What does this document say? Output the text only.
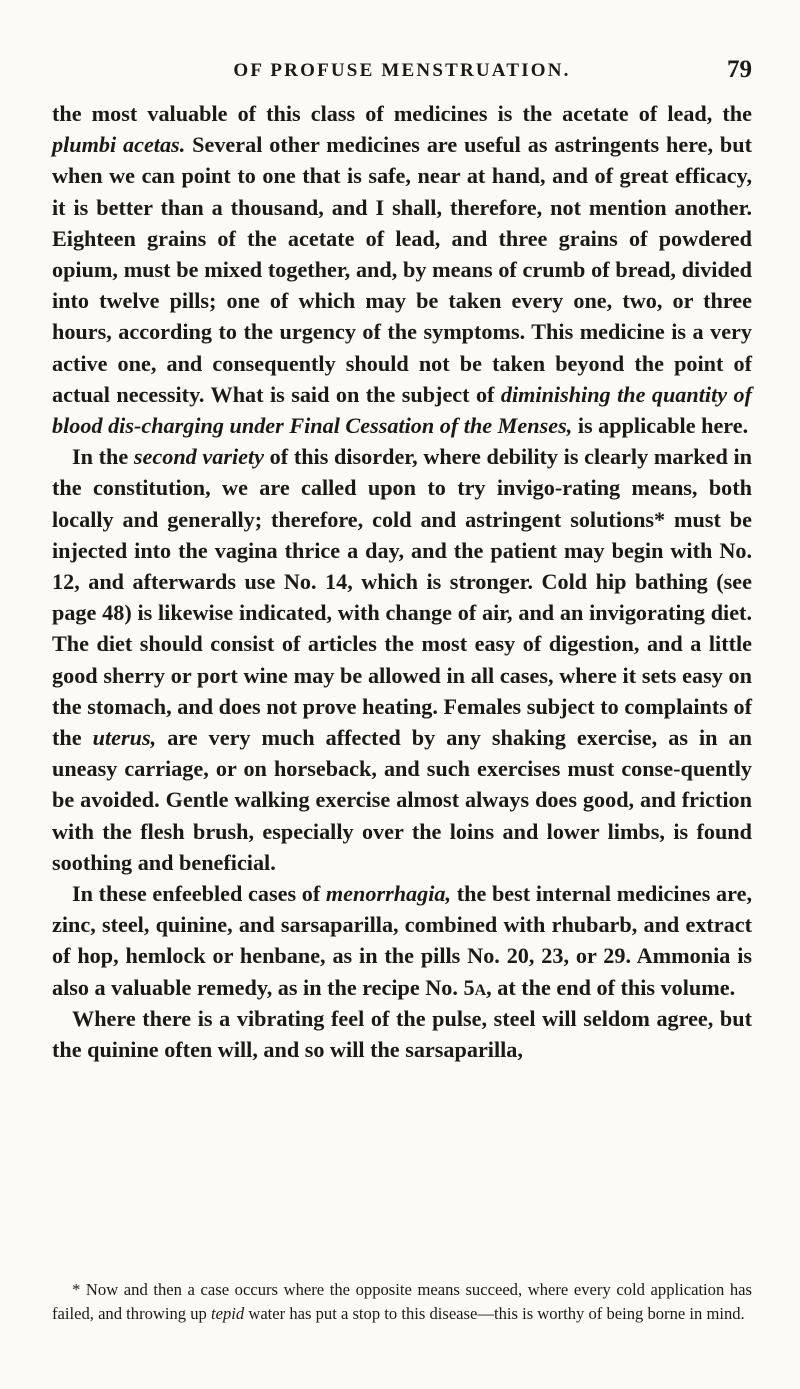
OF PROFUSE MENSTRUATION.	79

the most valuable of this class of medicines is the acetate of lead, the plumbi acetas. Several other medicines are useful as astringents here, but when we can point to one that is safe, near at hand, and of great efficacy, it is better than a thousand, and I shall, therefore, not mention another. Eighteen grains of the acetate of lead, and three grains of powdered opium, must be mixed together, and, by means of crumb of bread, divided into twelve pills; one of which may be taken every one, two, or three hours, according to the urgency of the symptoms. This medicine is a very active one, and consequently should not be taken beyond the point of actual necessity. What is said on the subject of diminishing the quantity of blood dis-charging under Final Cessation of the Menses, is applicable here.

In the second variety of this disorder, where debility is clearly marked in the constitution, we are called upon to try invigo-rating means, both locally and generally; therefore, cold and astringent solutions* must be injected into the vagina thrice a day, and the patient may begin with No. 12, and afterwards use No. 14, which is stronger. Cold hip bathing (see page 48) is likewise indicated, with change of air, and an invigorating diet. The diet should consist of articles the most easy of digestion, and a little good sherry or port wine may be allowed in all cases, where it sets easy on the stomach, and does not prove heating. Females subject to complaints of the uterus, are very much affected by any shaking exercise, as in an uneasy carriage, or on horseback, and such exercises must conse-quently be avoided. Gentle walking exercise almost always does good, and friction with the flesh brush, especially over the loins and lower limbs, is found soothing and beneficial.

In these enfeebled cases of menorrhagia, the best internal medicines are, zinc, steel, quinine, and sarsaparilla, combined with rhubarb, and extract of hop, hemlock or henbane, as in the pills No. 20, 23, or 29. Ammonia is also a valuable remedy, as in the recipe No. 5a, at the end of this volume.

Where there is a vibrating feel of the pulse, steel will seldom agree, but the quinine often will, and so will the sarsaparilla,

* Now and then a case occurs where the opposite means succeed, where every cold application has failed, and throwing up tepid water has put a stop to this disease—this is worthy of being borne in mind.
